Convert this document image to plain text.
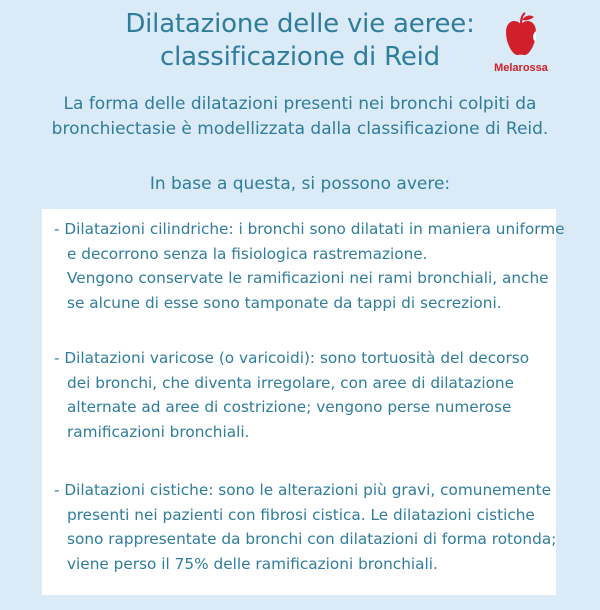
Dilatazione delle vie aeree:
classificazione di Reid	Melarossa
La forma delle dilatazioni presenti nei bronchi colpiti da
bronchiectasie è modellizzata dalla classificazione di Reid.
In base a questa, si possono avere:
- Dilatazioni cilindriche: i bronchi sono dilatati in maniera uniforme
e decorrono senza la fisiologica rastremazione.
Vengono conservate le ramificazioni nei rami bronchiali, anche
se alcune di esse sono tamponate da tappi di secrezioni.
- Dilatazioni varicose (o varicoidi): sono tortuosità del decorso
dei bronchi, che diventa irregolare, con aree di dilatazione
alternate ad aree di costrizione; vengono perse numerose
ramificazioni bronchiali.
- Dilatazioni cistiche: sono le alterazioni più gravi, comunemente
presenti nei pazienti con fibrosi cistica. Le dilatazioni cistiche
sono rappresentate da bronchi con dilatazioni di forma rotonda;
viene perso il 75% delle ramificazioni bronchiali.
